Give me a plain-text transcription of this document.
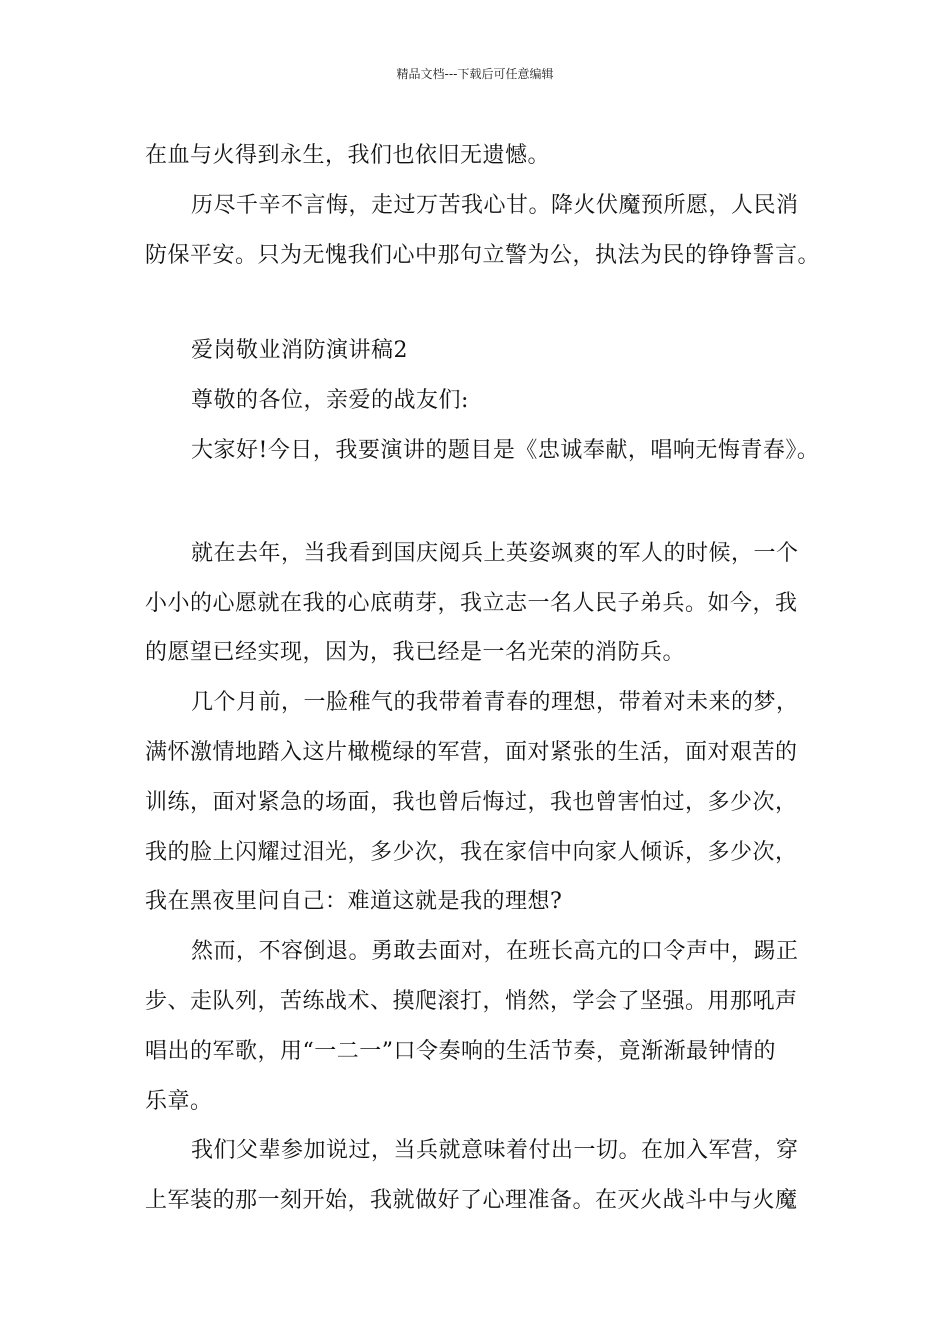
精品文档---下载后可任意编辑
在血与火得到永生，我们也依旧无遗憾。
历尽千辛不言悔，走过万苦我心甘。降火伏魔预所愿，人民消
防保平安。只为无愧我们心中那句立警为公，执法为民的铮铮誓言。
爱岗敬业消防演讲稿2
尊敬的各位，亲爱的战友们:
大家好!今日，我要演讲的题目是《忠诚奉献，唱响无悔青春》。
就在去年，当我看到国庆阅兵上英姿飒爽的军人的时候，一个
小小的心愿就在我的心底萌芽，我立志一名人民子弟兵。如今，我
的愿望已经实现，因为，我已经是一名光荣的消防兵。
几个月前，一脸稚气的我带着青春的理想，带着对未来的梦，
满怀激情地踏入这片橄榄绿的军营，面对紧张的生活，面对艰苦的
训练，面对紧急的场面，我也曾后悔过，我也曾害怕过，多少次，
我的脸上闪耀过泪光，多少次，我在家信中向家人倾诉，多少次，
我在黑夜里问自己：难道这就是我的理想?
然而，不容倒退。勇敢去面对，在班长高亢的口令声中，踢正
步、走队列，苦练战术、摸爬滚打，悄然，学会了坚强。用那吼声
唱出的军歌，用“一二一”口令奏响的生活节奏，竟渐渐最钟情的
乐章。
我们父辈参加说过，当兵就意味着付出一切。在加入军营，穿
上军装的那一刻开始，我就做好了心理准备。在灭火战斗中与火魔
